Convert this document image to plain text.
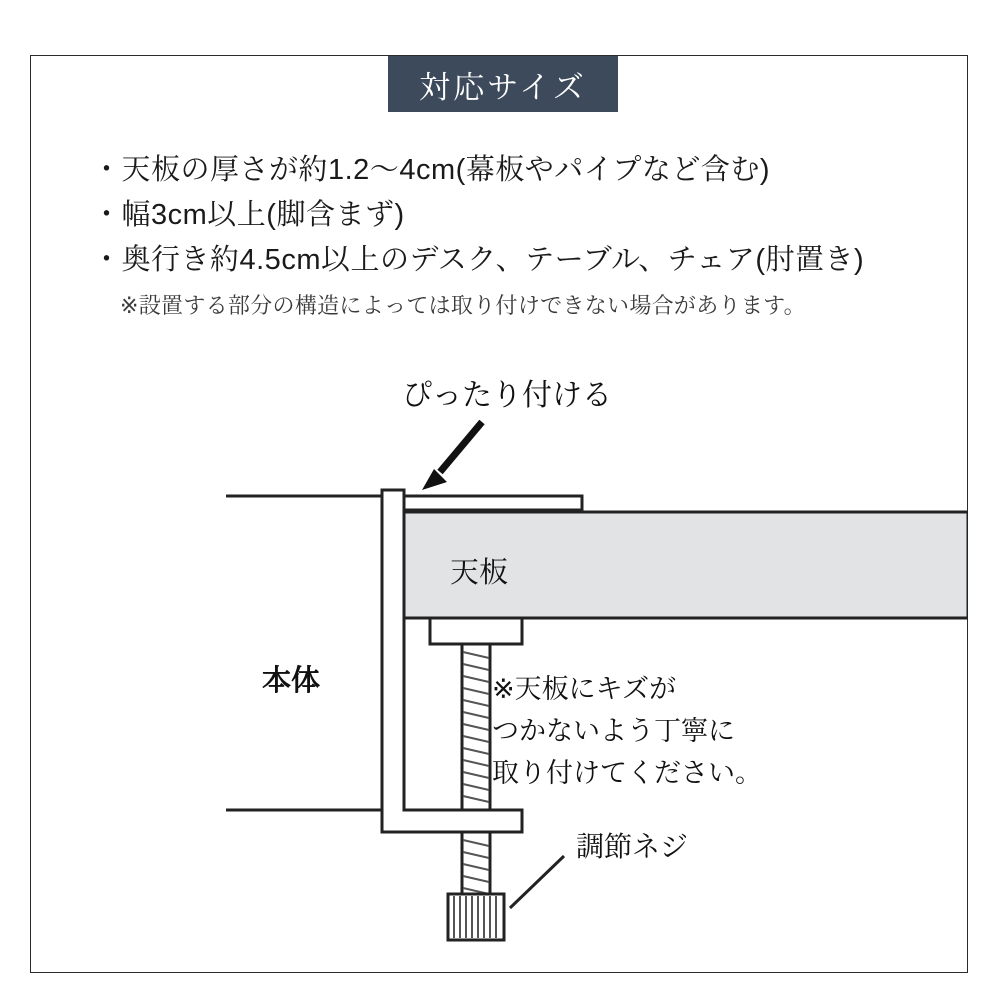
対応サイズ
・天板の厚さが約1.2〜4cm(幕板やパイプなど含む)
・幅3cm以上(脚含まず)
・奥行き約4.5cm以上のデスク、テーブル、チェア(肘置き)
※設置する部分の構造によっては取り付けできない場合があります。
ぴったり付ける
天板
本体	※天板にキズが
つかないよう丁寧に
取り付けてください。
調節ネジ
